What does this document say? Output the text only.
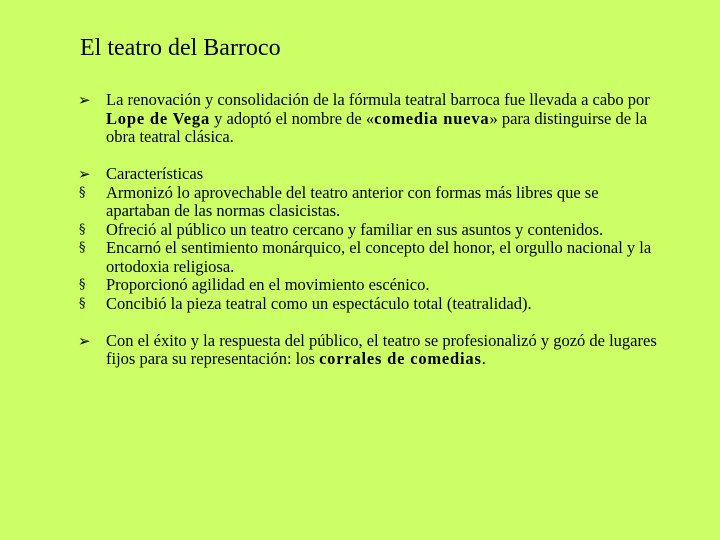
El teatro del Barroco
➢ La renovación y consolidación de la fórmula teatral barroca fue llevada a cabo por Lope de Vega y adoptó el nombre de «comedia nueva» para distinguirse de la obra teatral clásica.
➢ Características
§	Armonizó lo aprovechable del teatro anterior con formas más libres que se apartaban de las normas clasicistas.
§	Ofreció al público un teatro cercano y familiar en sus asuntos y contenidos.
§	Encarnó el sentimiento monárquico, el concepto del honor, el orgullo nacional y la ortodoxia religiosa.
§	Proporcionó agilidad en el movimiento escénico.
§	Concibió la pieza teatral como un espectáculo total (teatralidad).
➢ Con el éxito y la respuesta del público, el teatro se profesionalizó y gozó de lugares fijos para su representación: los corrales de comedias.
